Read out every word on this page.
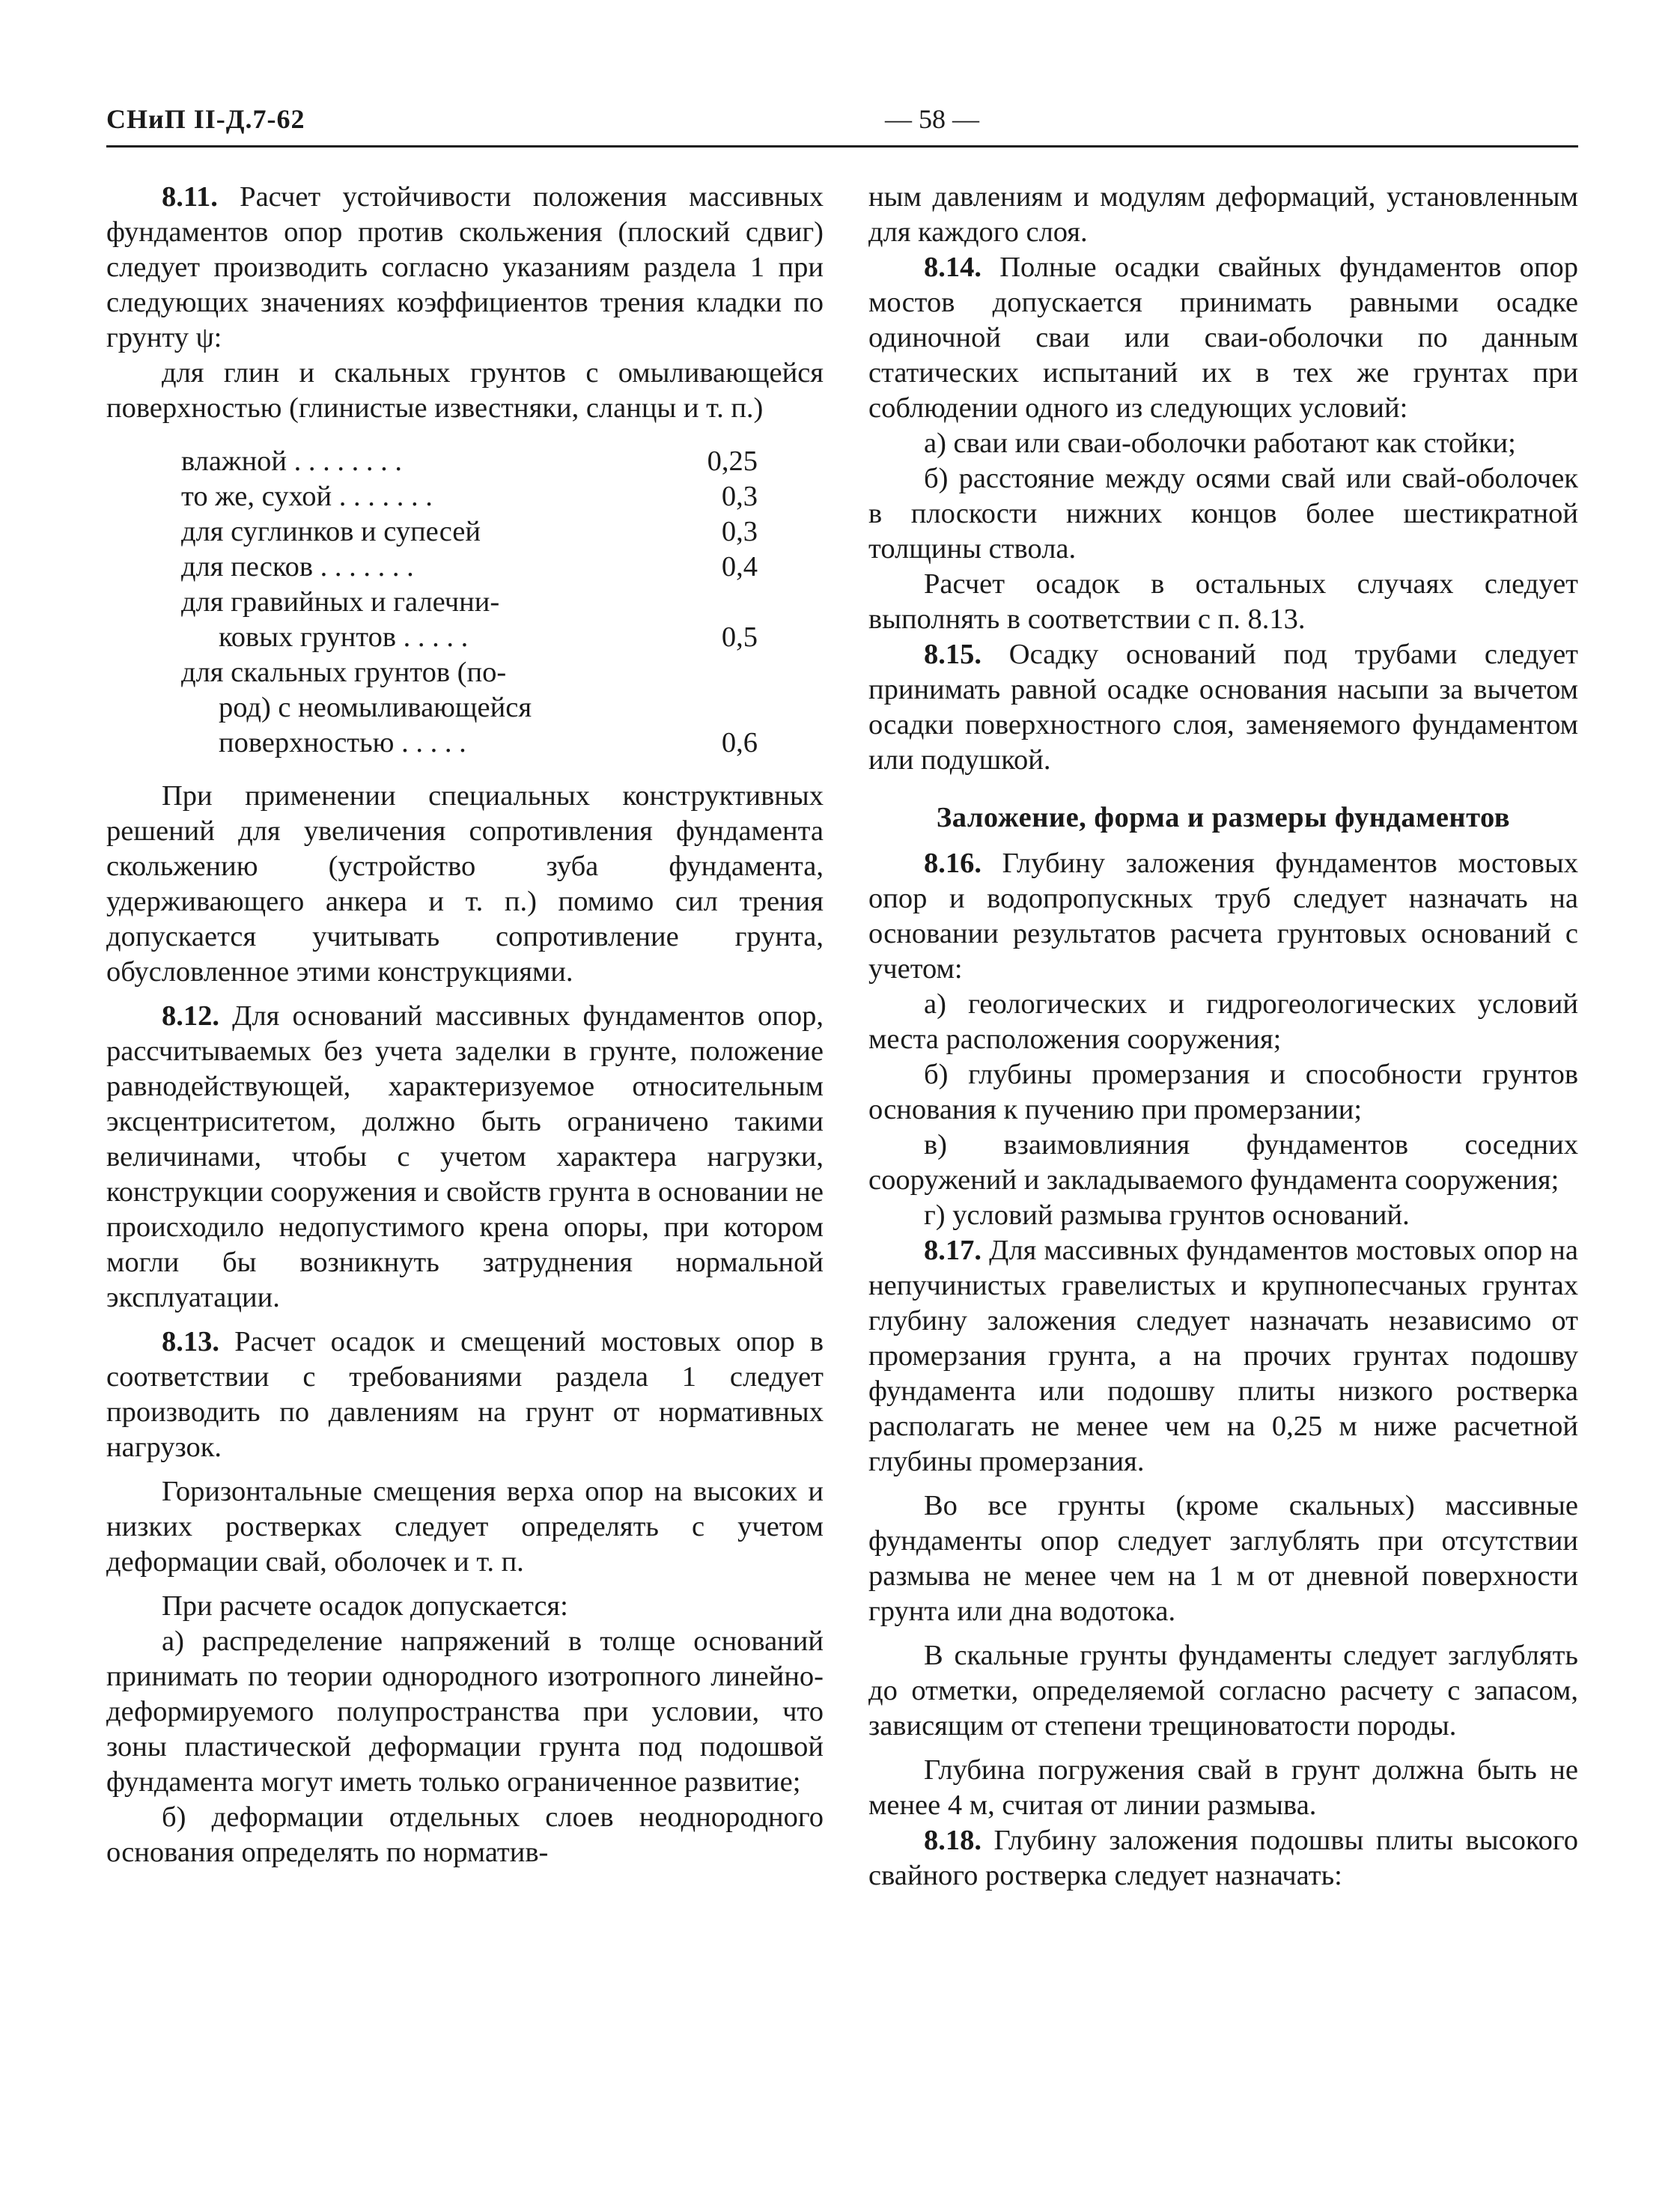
СНиП II-Д.7-62	— 58 —

8.11. Расчет устойчивости положения массивных фундаментов опор против скольжения (плоский сдвиг) следует производить согласно указаниям раздела 1 при следующих значениях коэффициентов трения кладки по грунту ψ:

для глин и скальных грунтов с омыливающейся поверхностью (глинистые известняки, сланцы и т. п.)

влажной . . . . . . . .	0,25
то же, сухой . . . . . . .	0,3
для суглинков и супесей	0,3
для песков . . . . . . .	0,4
для гравийных и галечни-
ковых грунтов . . . . .	0,5
для скальных грунтов (по-
род) с неомыливающейся
поверхностью . . . . .	0,6

При применении специальных конструктивных решений для увеличения сопротивления фундамента скольжению (устройство зуба фундамента, удерживающего анкера и т. п.) помимо сил трения допускается учитывать сопротивление грунта, обусловленное этими конструкциями.

8.12. Для оснований массивных фундаментов опор, рассчитываемых без учета заделки в грунте, положение равнодействующей, характеризуемое относительным эксцентриситетом, должно быть ограничено такими величинами, чтобы с учетом характера нагрузки, конструкции сооружения и свойств грунта в основании не происходило недопустимого крена опоры, при котором могли бы возникнуть затруднения нормальной эксплуатации.

8.13. Расчет осадок и смещений мостовых опор в соответствии с требованиями раздела 1 следует производить по давлениям на грунт от нормативных нагрузок.

Горизонтальные смещения верха опор на высоких и низких ростверках следует определять с учетом деформации свай, оболочек и т. п.

При расчете осадок допускается:

а) распределение напряжений в толще оснований принимать по теории однородного изотропного линейно-деформируемого полупространства при условии, что зоны пластической деформации грунта под подошвой фундамента могут иметь только ограниченное развитие;

б) деформации отдельных слоев неоднородного основания определять по норматив-

ным давлениям и модулям деформаций, установленным для каждого слоя.

8.14. Полные осадки свайных фундаментов опор мостов допускается принимать равными осадке одиночной сваи или сваи-оболочки по данным статических испытаний их в тех же грунтах при соблюдении одного из следующих условий:

а) сваи или сваи-оболочки работают как стойки;

б) расстояние между осями свай или свай-оболочек в плоскости нижних концов более шестикратной толщины ствола.

Расчет осадок в остальных случаях следует выполнять в соответствии с п. 8.13.

8.15. Осадку оснований под трубами следует принимать равной осадке основания насыпи за вычетом осадки поверхностного слоя, заменяемого фундаментом или подушкой.

Заложение, форма и размеры фундаментов

8.16. Глубину заложения фундаментов мостовых опор и водопропускных труб следует назначать на основании результатов расчета грунтовых оснований с учетом:

а) геологических и гидрогеологических условий места расположения сооружения;

б) глубины промерзания и способности грунтов основания к пучению при промерзании;

в) взаимовлияния фундаментов соседних сооружений и закладываемого фундамента сооружения;

г) условий размыва грунтов оснований.

8.17. Для массивных фундаментов мостовых опор на непучинистых гравелистых и крупнопесчаных грунтах глубину заложения следует назначать независимо от промерзания грунта, а на прочих грунтах подошву фундамента или подошву плиты низкого ростверка располагать не менее чем на 0,25 м ниже расчетной глубины промерзания.

Во все грунты (кроме скальных) массивные фундаменты опор следует заглублять при отсутствии размыва не менее чем на 1 м от дневной поверхности грунта или дна водотока.

В скальные грунты фундаменты следует заглублять до отметки, определяемой согласно расчету с запасом, зависящим от степени трещиноватости породы.

Глубина погружения свай в грунт должна быть не менее 4 м, считая от линии размыва.

8.18. Глубину заложения подошвы плиты высокого свайного ростверка следует назначать:
